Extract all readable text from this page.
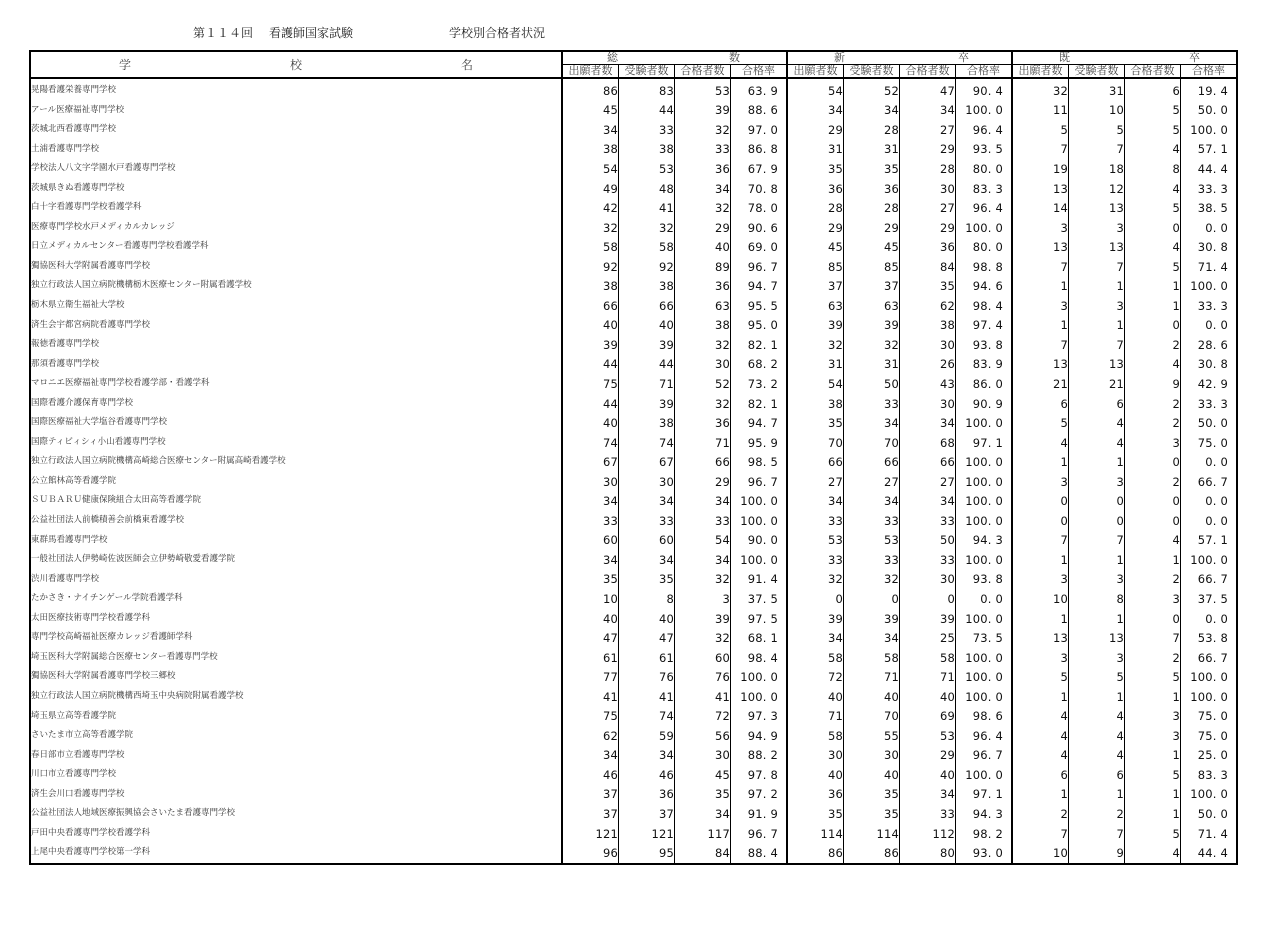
第１１４回 看護師国家試験	学校別合格者状況
学 校 名	総 数				新 卒				既 卒			

	出願者数	受験者数	合格者数	合格率	出願者数	受験者数	合格者数	合格率	出願者数	受験者数	合格者数	合格率
晃陽看護栄養専門学校	86	83	53	63. 9	54	52	47	90. 4	32	31	6	19. 4
アール医療福祉専門学校	45	44	39	88. 6	34	34	34	100. 0	11	10	5	50. 0
茨城北西看護専門学校	34	33	32	97. 0	29	28	27	96. 4	5	5	5	100. 0
土浦看護専門学校	38	38	33	86. 8	31	31	29	93. 5	7	7	4	57. 1
学校法人八文字学園水戸看護専門学校	54	53	36	67. 9	35	35	28	80. 0	19	18	8	44. 4
茨城県きぬ看護専門学校	49	48	34	70. 8	36	36	30	83. 3	13	12	4	33. 3
白十字看護専門学校看護学科	42	41	32	78. 0	28	28	27	96. 4	14	13	5	38. 5
医療専門学校水戸メディカルカレッジ	32	32	29	90. 6	29	29	29	100. 0	3	3	0	0. 0
日立メディカルセンター看護専門学校看護学科	58	58	40	69. 0	45	45	36	80. 0	13	13	4	30. 8
獨協医科大学附属看護専門学校	92	92	89	96. 7	85	85	84	98. 8	7	7	5	71. 4
独立行政法人国立病院機構栃木医療センター附属看護学校	38	38	36	94. 7	37	37	35	94. 6	1	1	1	100. 0
栃木県立衛生福祉大学校	66	66	63	95. 5	63	63	62	98. 4	3	3	1	33. 3
済生会宇都宮病院看護専門学校	40	40	38	95. 0	39	39	38	97. 4	1	1	0	0. 0
報徳看護専門学校	39	39	32	82. 1	32	32	30	93. 8	7	7	2	28. 6
那須看護専門学校	44	44	30	68. 2	31	31	26	83. 9	13	13	4	30. 8
マロニエ医療福祉専門学校看護学部・看護学科	75	71	52	73. 2	54	50	43	86. 0	21	21	9	42. 9
国際看護介護保育専門学校	44	39	32	82. 1	38	33	30	90. 9	6	6	2	33. 3
国際医療福祉大学塩谷看護専門学校	40	38	36	94. 7	35	34	34	100. 0	5	4	2	50. 0
国際ティビィシィ小山看護専門学校	74	74	71	95. 9	70	70	68	97. 1	4	4	3	75. 0
独立行政法人国立病院機構高崎総合医療センター附属高崎看護学校	67	67	66	98. 5	66	66	66	100. 0	1	1	0	0. 0
公立館林高等看護学院	30	30	29	96. 7	27	27	27	100. 0	3	3	2	66. 7
ＳＵＢＡＲＵ健康保険組合太田高等看護学院	34	34	34	100. 0	34	34	34	100. 0	0	0	0	0. 0
公益社団法人前橋積善会前橋東看護学校	33	33	33	100. 0	33	33	33	100. 0	0	0	0	0. 0
東群馬看護専門学校	60	60	54	90. 0	53	53	50	94. 3	7	7	4	57. 1
一般社団法人伊勢崎佐波医師会立伊勢崎敬愛看護学院	34	34	34	100. 0	33	33	33	100. 0	1	1	1	100. 0
渋川看護専門学校	35	35	32	91. 4	32	32	30	93. 8	3	3	2	66. 7
たかさき・ナイチンゲール学院看護学科	10	8	3	37. 5	0	0	0	0. 0	10	8	3	37. 5
太田医療技術専門学校看護学科	40	40	39	97. 5	39	39	39	100. 0	1	1	0	0. 0
専門学校高崎福祉医療カレッジ看護師学科	47	47	32	68. 1	34	34	25	73. 5	13	13	7	53. 8
埼玉医科大学附属総合医療センター看護専門学校	61	61	60	98. 4	58	58	58	100. 0	3	3	2	66. 7
獨協医科大学附属看護専門学校三郷校	77	76	76	100. 0	72	71	71	100. 0	5	5	5	100. 0
独立行政法人国立病院機構西埼玉中央病院附属看護学校	41	41	41	100. 0	40	40	40	100. 0	1	1	1	100. 0
埼玉県立高等看護学院	75	74	72	97. 3	71	70	69	98. 6	4	4	3	75. 0
さいたま市立高等看護学院	62	59	56	94. 9	58	55	53	96. 4	4	4	3	75. 0
春日部市立看護専門学校	34	34	30	88. 2	30	30	29	96. 7	4	4	1	25. 0
川口市立看護専門学校	46	46	45	97. 8	40	40	40	100. 0	6	6	5	83. 3
済生会川口看護専門学校	37	36	35	97. 2	36	35	34	97. 1	1	1	1	100. 0
公益社団法人地域医療振興協会さいたま看護専門学校	37	37	34	91. 9	35	35	33	94. 3	2	2	1	50. 0
戸田中央看護専門学校看護学科	121	121	117	96. 7	114	114	112	98. 2	7	7	5	71. 4
上尾中央看護専門学校第一学科	96	95	84	88. 4	86	86	80	93. 0	10	9	4	44. 4
